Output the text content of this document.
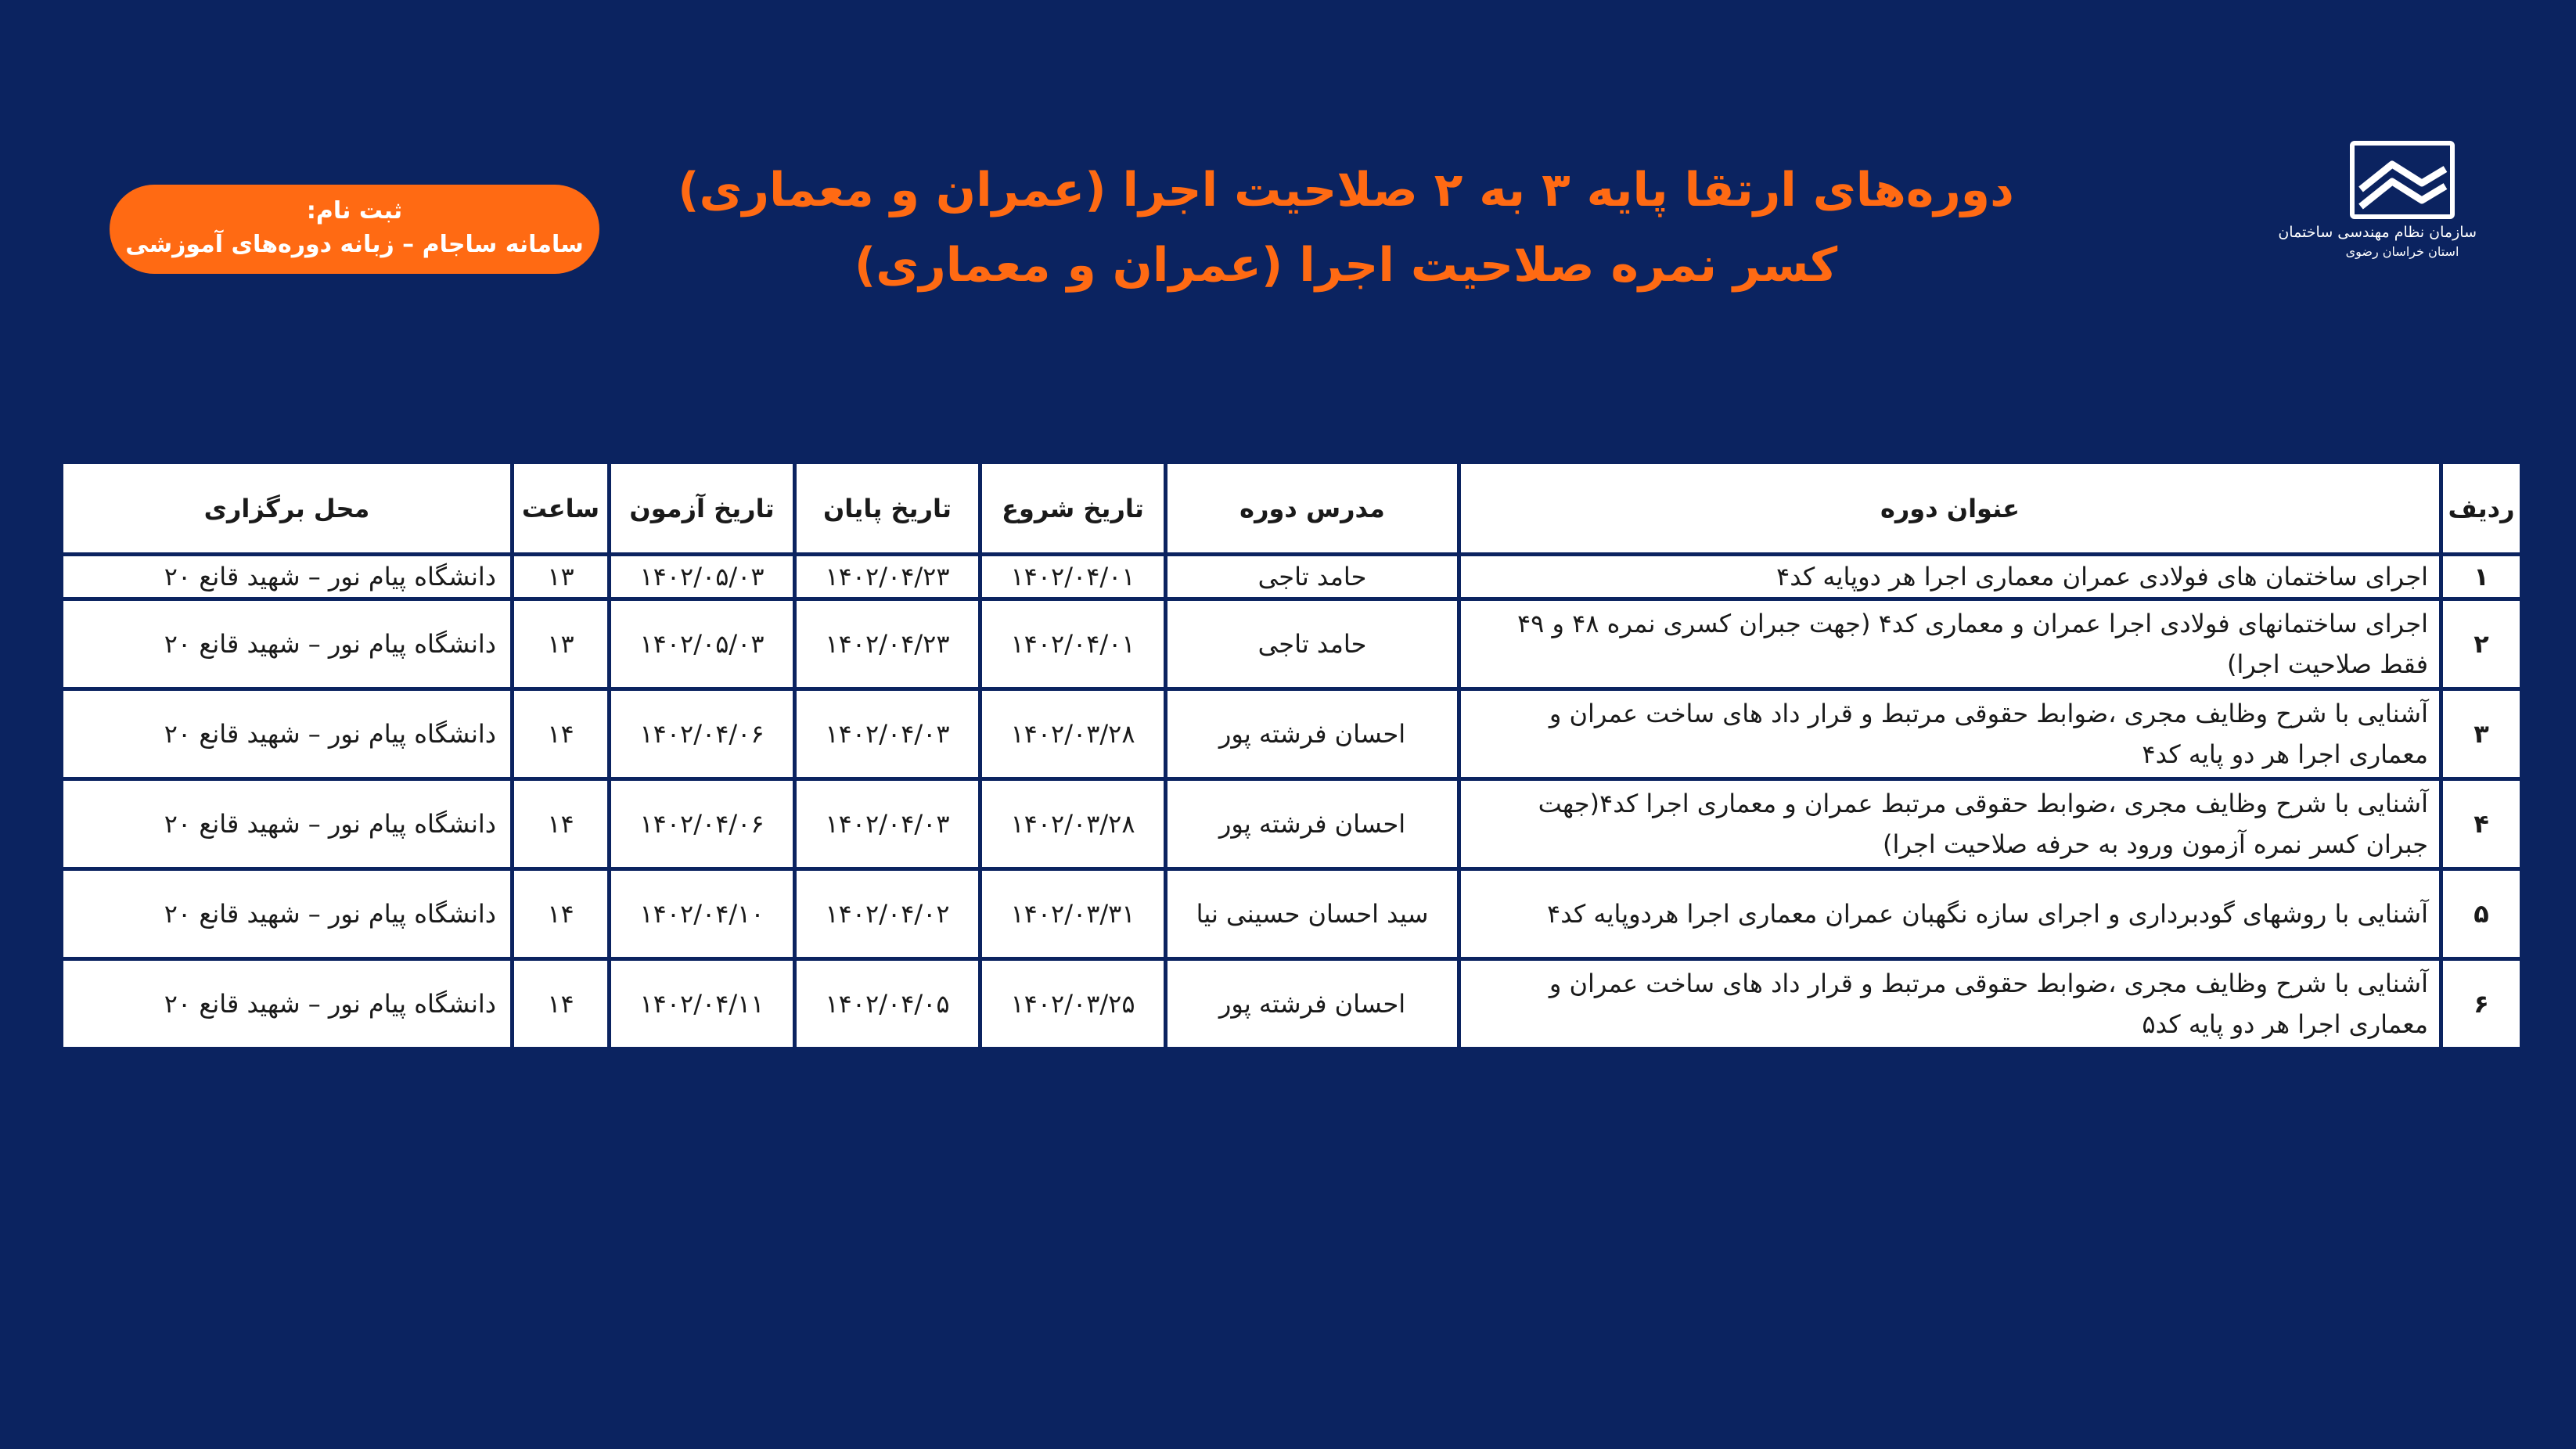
سازمان نظام مهندسی ساختمان
استان خراسان رضوی
دوره‌های ارتقا پایه ۳ به ۲ صلاحیت اجرا (عمران و معماری)
کسر نمره صلاحیت اجرا (عمران و معماری)
ثبت نام:
سامانه ساجام – زبانه دوره‌های آموزشی
ردیف	عنوان دوره	مدرس دوره	تاریخ شروع	تاریخ پایان	تاریخ آزمون	ساعت	محل برگزاری
۱	اجرای ساختمان های فولادی عمران معماری اجرا هر دوپایه کد۴	حامد تاجی	۱۴۰۲/۰۴/۰۱	۱۴۰۲/۰۴/۲۳	۱۴۰۲/۰۵/۰۳	۱۳	دانشگاه پیام نور – شهید قانع ۲۰
۲	اجرای ساختمانهای فولادی اجرا عمران و معماری کد۴ (جهت جبران کسری نمره ۴۸ و ۴۹ فقط صلاحیت اجرا)	حامد تاجی	۱۴۰۲/۰۴/۰۱	۱۴۰۲/۰۴/۲۳	۱۴۰۲/۰۵/۰۳	۱۳	دانشگاه پیام نور – شهید قانع ۲۰
۳	آشنایی با شرح وظایف مجری ،ضوابط حقوقی مرتبط و قرار داد های ساخت عمران و معماری اجرا هر دو پایه کد۴	احسان فرشته پور	۱۴۰۲/۰۳/۲۸	۱۴۰۲/۰۴/۰۳	۱۴۰۲/۰۴/۰۶	۱۴	دانشگاه پیام نور – شهید قانع ۲۰
۴	آشنایی با شرح وظایف مجری ،ضوابط حقوقی مرتبط عمران و معماری اجرا کد۴(جهت جبران کسر نمره آزمون ورود به حرفه صلاحیت اجرا)	احسان فرشته پور	۱۴۰۲/۰۳/۲۸	۱۴۰۲/۰۴/۰۳	۱۴۰۲/۰۴/۰۶	۱۴	دانشگاه پیام نور – شهید قانع ۲۰
۵	آشنایی با روشهای گودبرداری و اجرای سازه نگهبان عمران معماری اجرا هردوپایه کد۴	سید احسان حسینی نیا	۱۴۰۲/۰۳/۳۱	۱۴۰۲/۰۴/۰۲	۱۴۰۲/۰۴/۱۰	۱۴	دانشگاه پیام نور – شهید قانع ۲۰
۶	آشنایی با شرح وظایف مجری ،ضوابط حقوقی مرتبط و قرار داد های ساخت عمران و معماری اجرا هر دو پایه کد۵	احسان فرشته پور	۱۴۰۲/۰۳/۲۵	۱۴۰۲/۰۴/۰۵	۱۴۰۲/۰۴/۱۱	۱۴	دانشگاه پیام نور – شهید قانع ۲۰
